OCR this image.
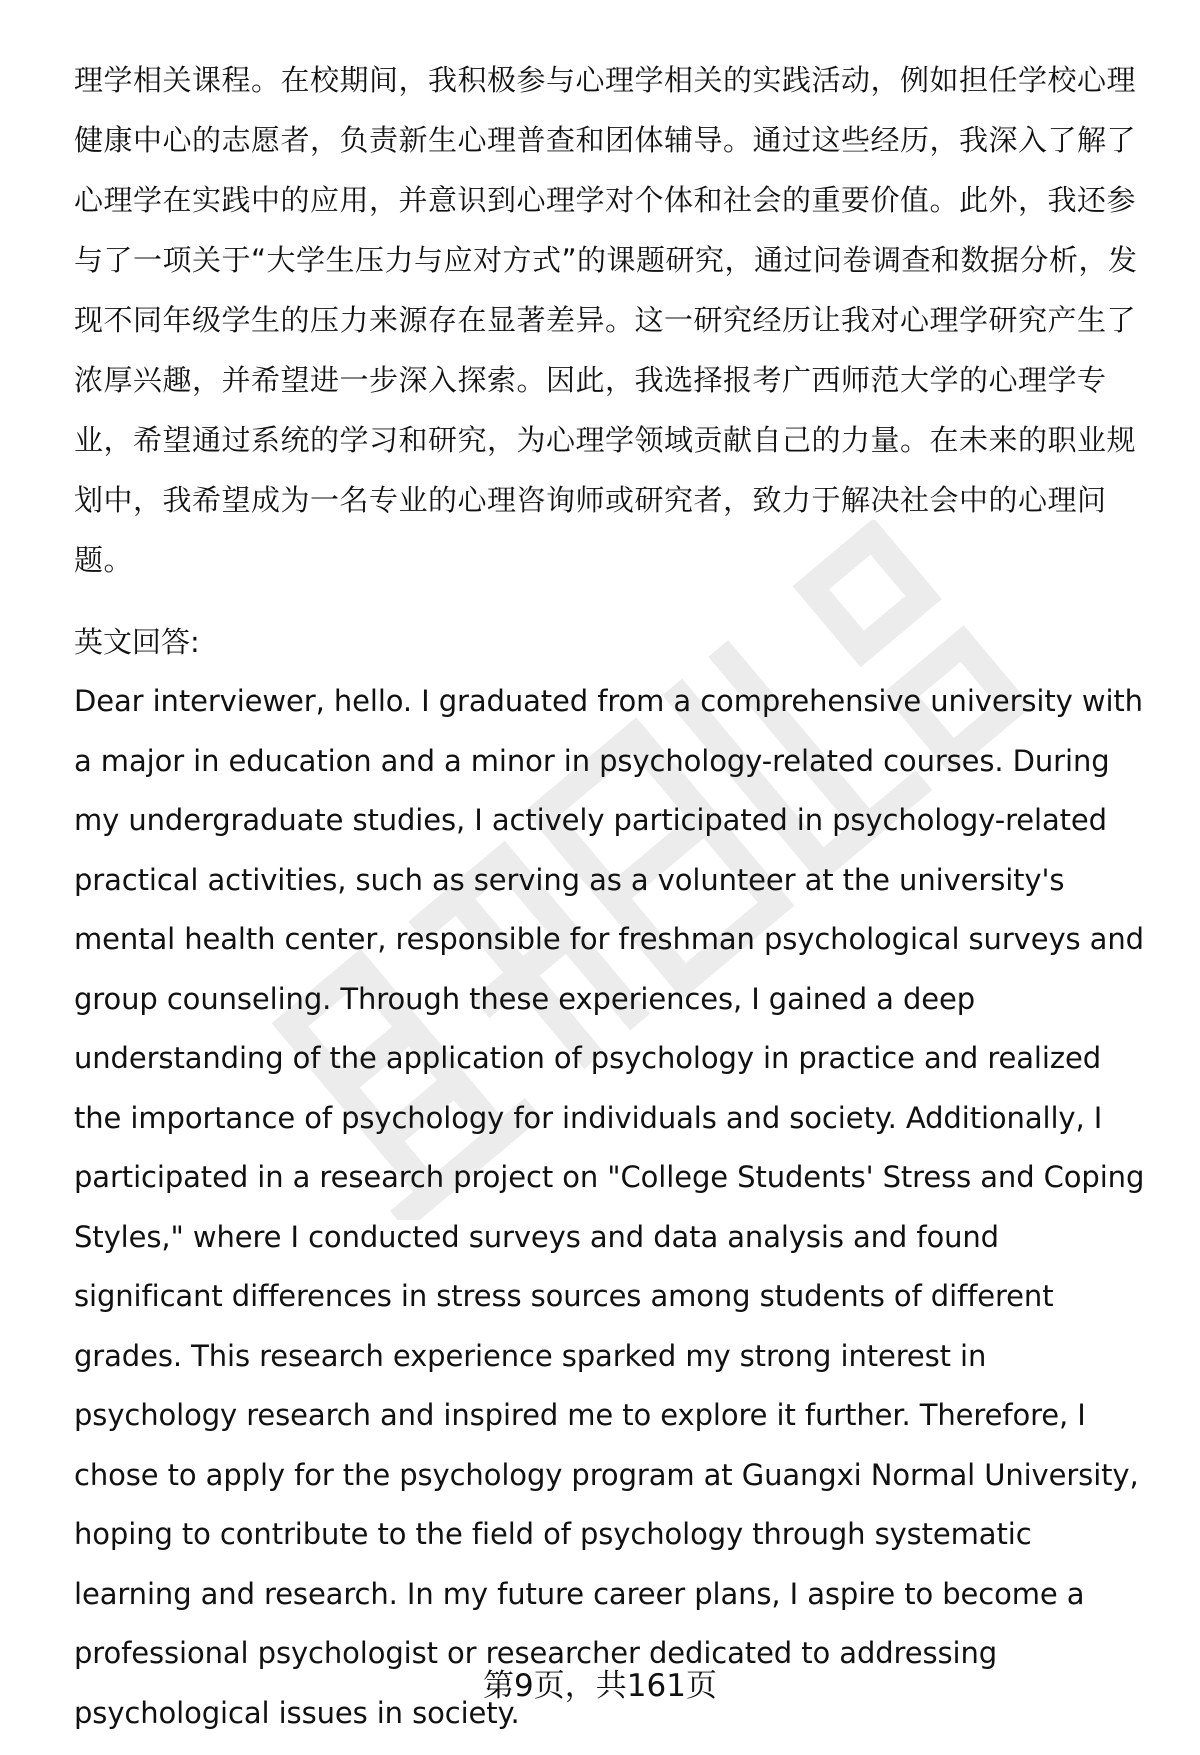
理学相关课程。在校期间，我积极参与心理学相关的实践活动，例如担任学校心理健康中心的志愿者，负责新生心理普查和团体辅导。通过这些经历，我深入了解了心理学在实践中的应用，并意识到心理学对个体和社会的重要价值。此外，我还参与了一项关于“大学生压力与应对方式”的课题研究，通过问卷调查和数据分析，发现不同年级学生的压力来源存在显著差异。这一研究经历让我对心理学研究产生了浓厚兴趣，并希望进一步深入探索。因此，我选择报考广西师范大学的心理学专业，希望通过系统的学习和研究，为心理学领域贡献自己的力量。在未来的职业规划中，我希望成为一名专业的心理咨询师或研究者，致力于解决社会中的心理问题。

英文回答:

Dear interviewer, hello. I graduated from a comprehensive university with a major in education and a minor in psychology-related courses. During my undergraduate studies, I actively participated in psychology-related practical activities, such as serving as a volunteer at the university's mental health center, responsible for freshman psychological surveys and group counseling. Through these experiences, I gained a deep understanding of the application of psychology in practice and realized the importance of psychology for individuals and society. Additionally, I participated in a research project on "College Students' Stress and Coping Styles," where I conducted surveys and data analysis and found significant differences in stress sources among students of different grades. This research experience sparked my strong interest in psychology research and inspired me to explore it further. Therefore, I chose to apply for the psychology program at Guangxi Normal University, hoping to contribute to the field of psychology through systematic learning and research. In my future career plans, I aspire to become a professional psychologist or researcher dedicated to addressing psychological issues in society.

第9页，共161页
